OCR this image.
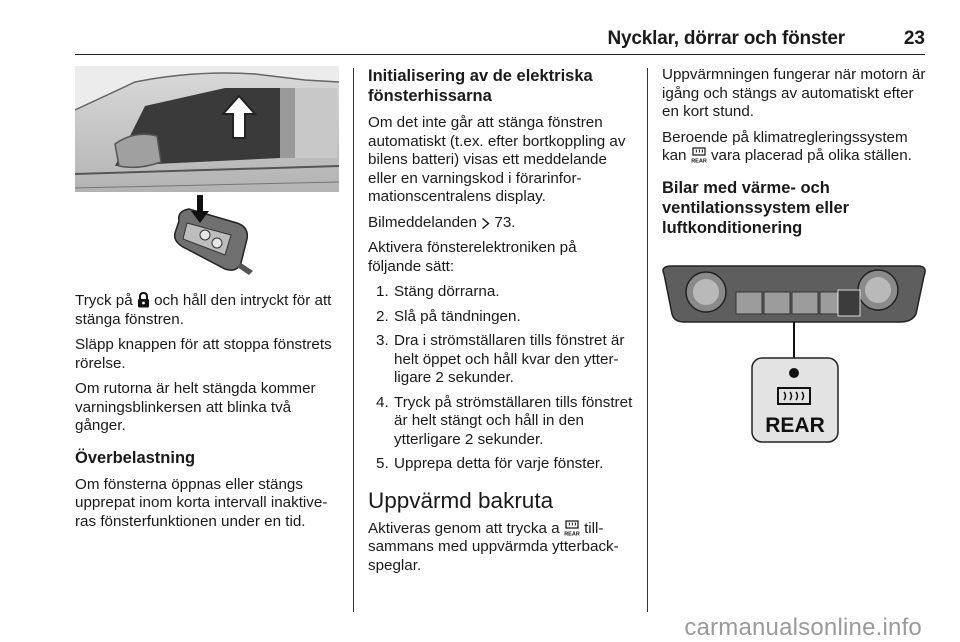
Nycklar, dörrar och fönster	23
REAR

Tryck på  och håll den intryckt för att stänga fönstren.

Släpp knappen för att stoppa fönstrets rörelse.

Om rutorna är helt stängda kommer varningsblinkersen att blinka två gånger.

Överbelastning

Om fönsterna öppnas eller stängs upprepat inom korta intervall inaktiveras fönsterfunktionen under en tid.

Initialisering av de elektriska fönsterhissarna

Om det inte går att stänga fönstren automatiskt (t.ex. efter bortkoppling av bilens batteri) visas ett meddelande eller en varningskod i förarinformationscentralens display.

Bilmeddelanden  73.

Aktivera fönsterelektroniken på följande sätt:

1. Stäng dörrarna.
2. Slå på tändningen.
3. Dra i strömställaren tills fönstret är helt öppet och håll kvar den ytterligare 2 sekunder.
4. Tryck på strömställaren tills fönstret är helt stängt och håll in den ytterligare 2 sekunder.
5. Upprepa detta för varje fönster.
Uppvärmd bakruta

Aktiveras genom att trycka a REAR tillsammans med uppvärmda ytterbackspeglar.

Uppvärmningen fungerar när motorn är igång och stängs av automatiskt efter en kort stund.

Beroende på klimatregleringssystem kan REAR vara placerad på olika ställen.

Bilar med värme- och ventilationssystem eller luftkonditionering
carmanualsonline.info
